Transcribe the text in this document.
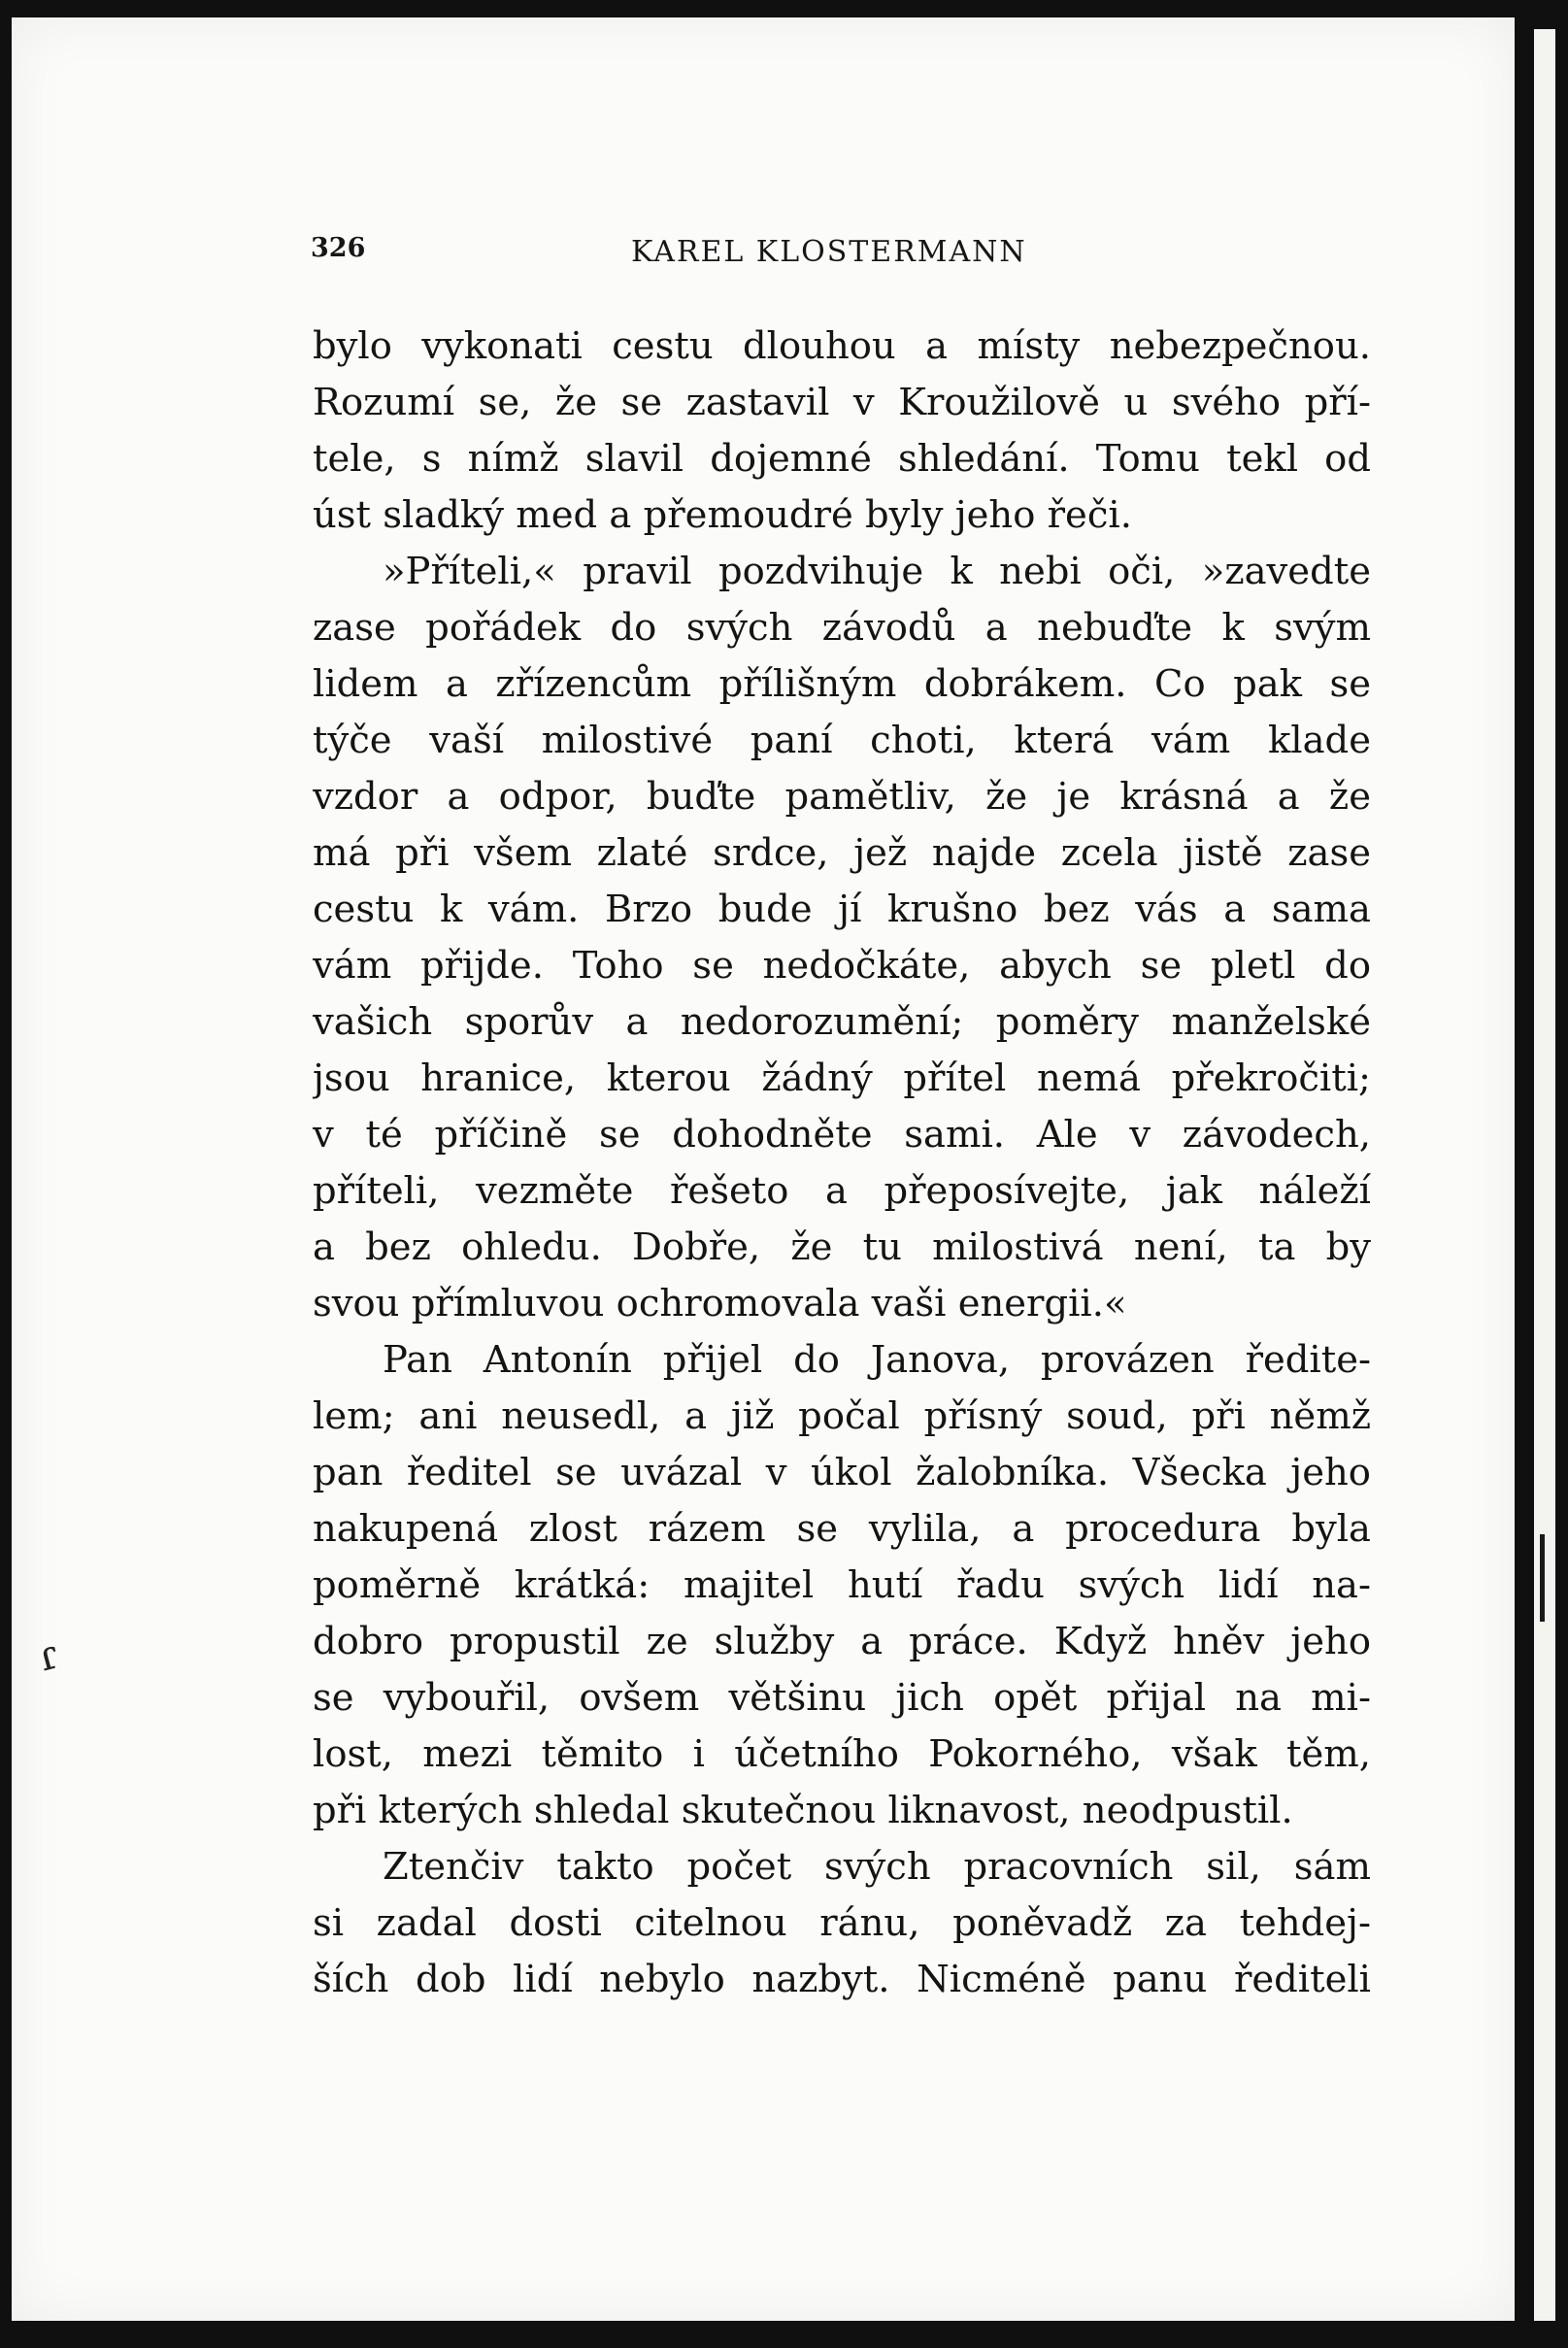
ɾ
326	KAREL KLOSTERMANN
bylo vykonati cestu dlouhou a místy nebezpečnou.
Rozumí se, že se zastavil v Kroužilově u svého pří-
tele, s nímž slavil dojemné shledání. Tomu tekl od
úst sladký med a přemoudré byly jeho řeči.
»Příteli,« pravil pozdvihuje k nebi oči, »zavedte
zase pořádek do svých závodů a nebuďte k svým
lidem a zřízencům přílišným dobrákem. Co pak se
týče vaší milostivé paní choti, která vám klade
vzdor a odpor, buďte pamětliv, že je krásná a že
má při všem zlaté srdce, jež najde zcela jistě zase
cestu k vám. Brzo bude jí krušno bez vás a sama
vám přijde. Toho se nedočkáte, abych se pletl do
vašich sporův a nedorozumění; poměry manželské
jsou hranice, kterou žádný přítel nemá překročiti;
v té příčině se dohodněte sami. Ale v závodech,
příteli, vezměte řešeto a přeposívejte, jak náleží
a bez ohledu. Dobře, že tu milostivá není, ta by
svou přímluvou ochromovala vaši energii.«
Pan Antonín přijel do Janova, provázen ředite-
lem; ani neusedl, a již počal přísný soud, při němž
pan ředitel se uvázal v úkol žalobníka. Všecka jeho
nakupená zlost rázem se vylila, a procedura byla
poměrně krátká: majitel hutí řadu svých lidí na-
dobro propustil ze služby a práce. Když hněv jeho
se vybouřil, ovšem většinu jich opět přijal na mi-
lost, mezi těmito i účetního Pokorného, však těm,
při kterých shledal skutečnou liknavost, neodpustil.
Ztenčiv takto počet svých pracovních sil, sám
si zadal dosti citelnou ránu, poněvadž za tehdej-
ších dob lidí nebylo nazbyt. Nicméně panu řediteli
